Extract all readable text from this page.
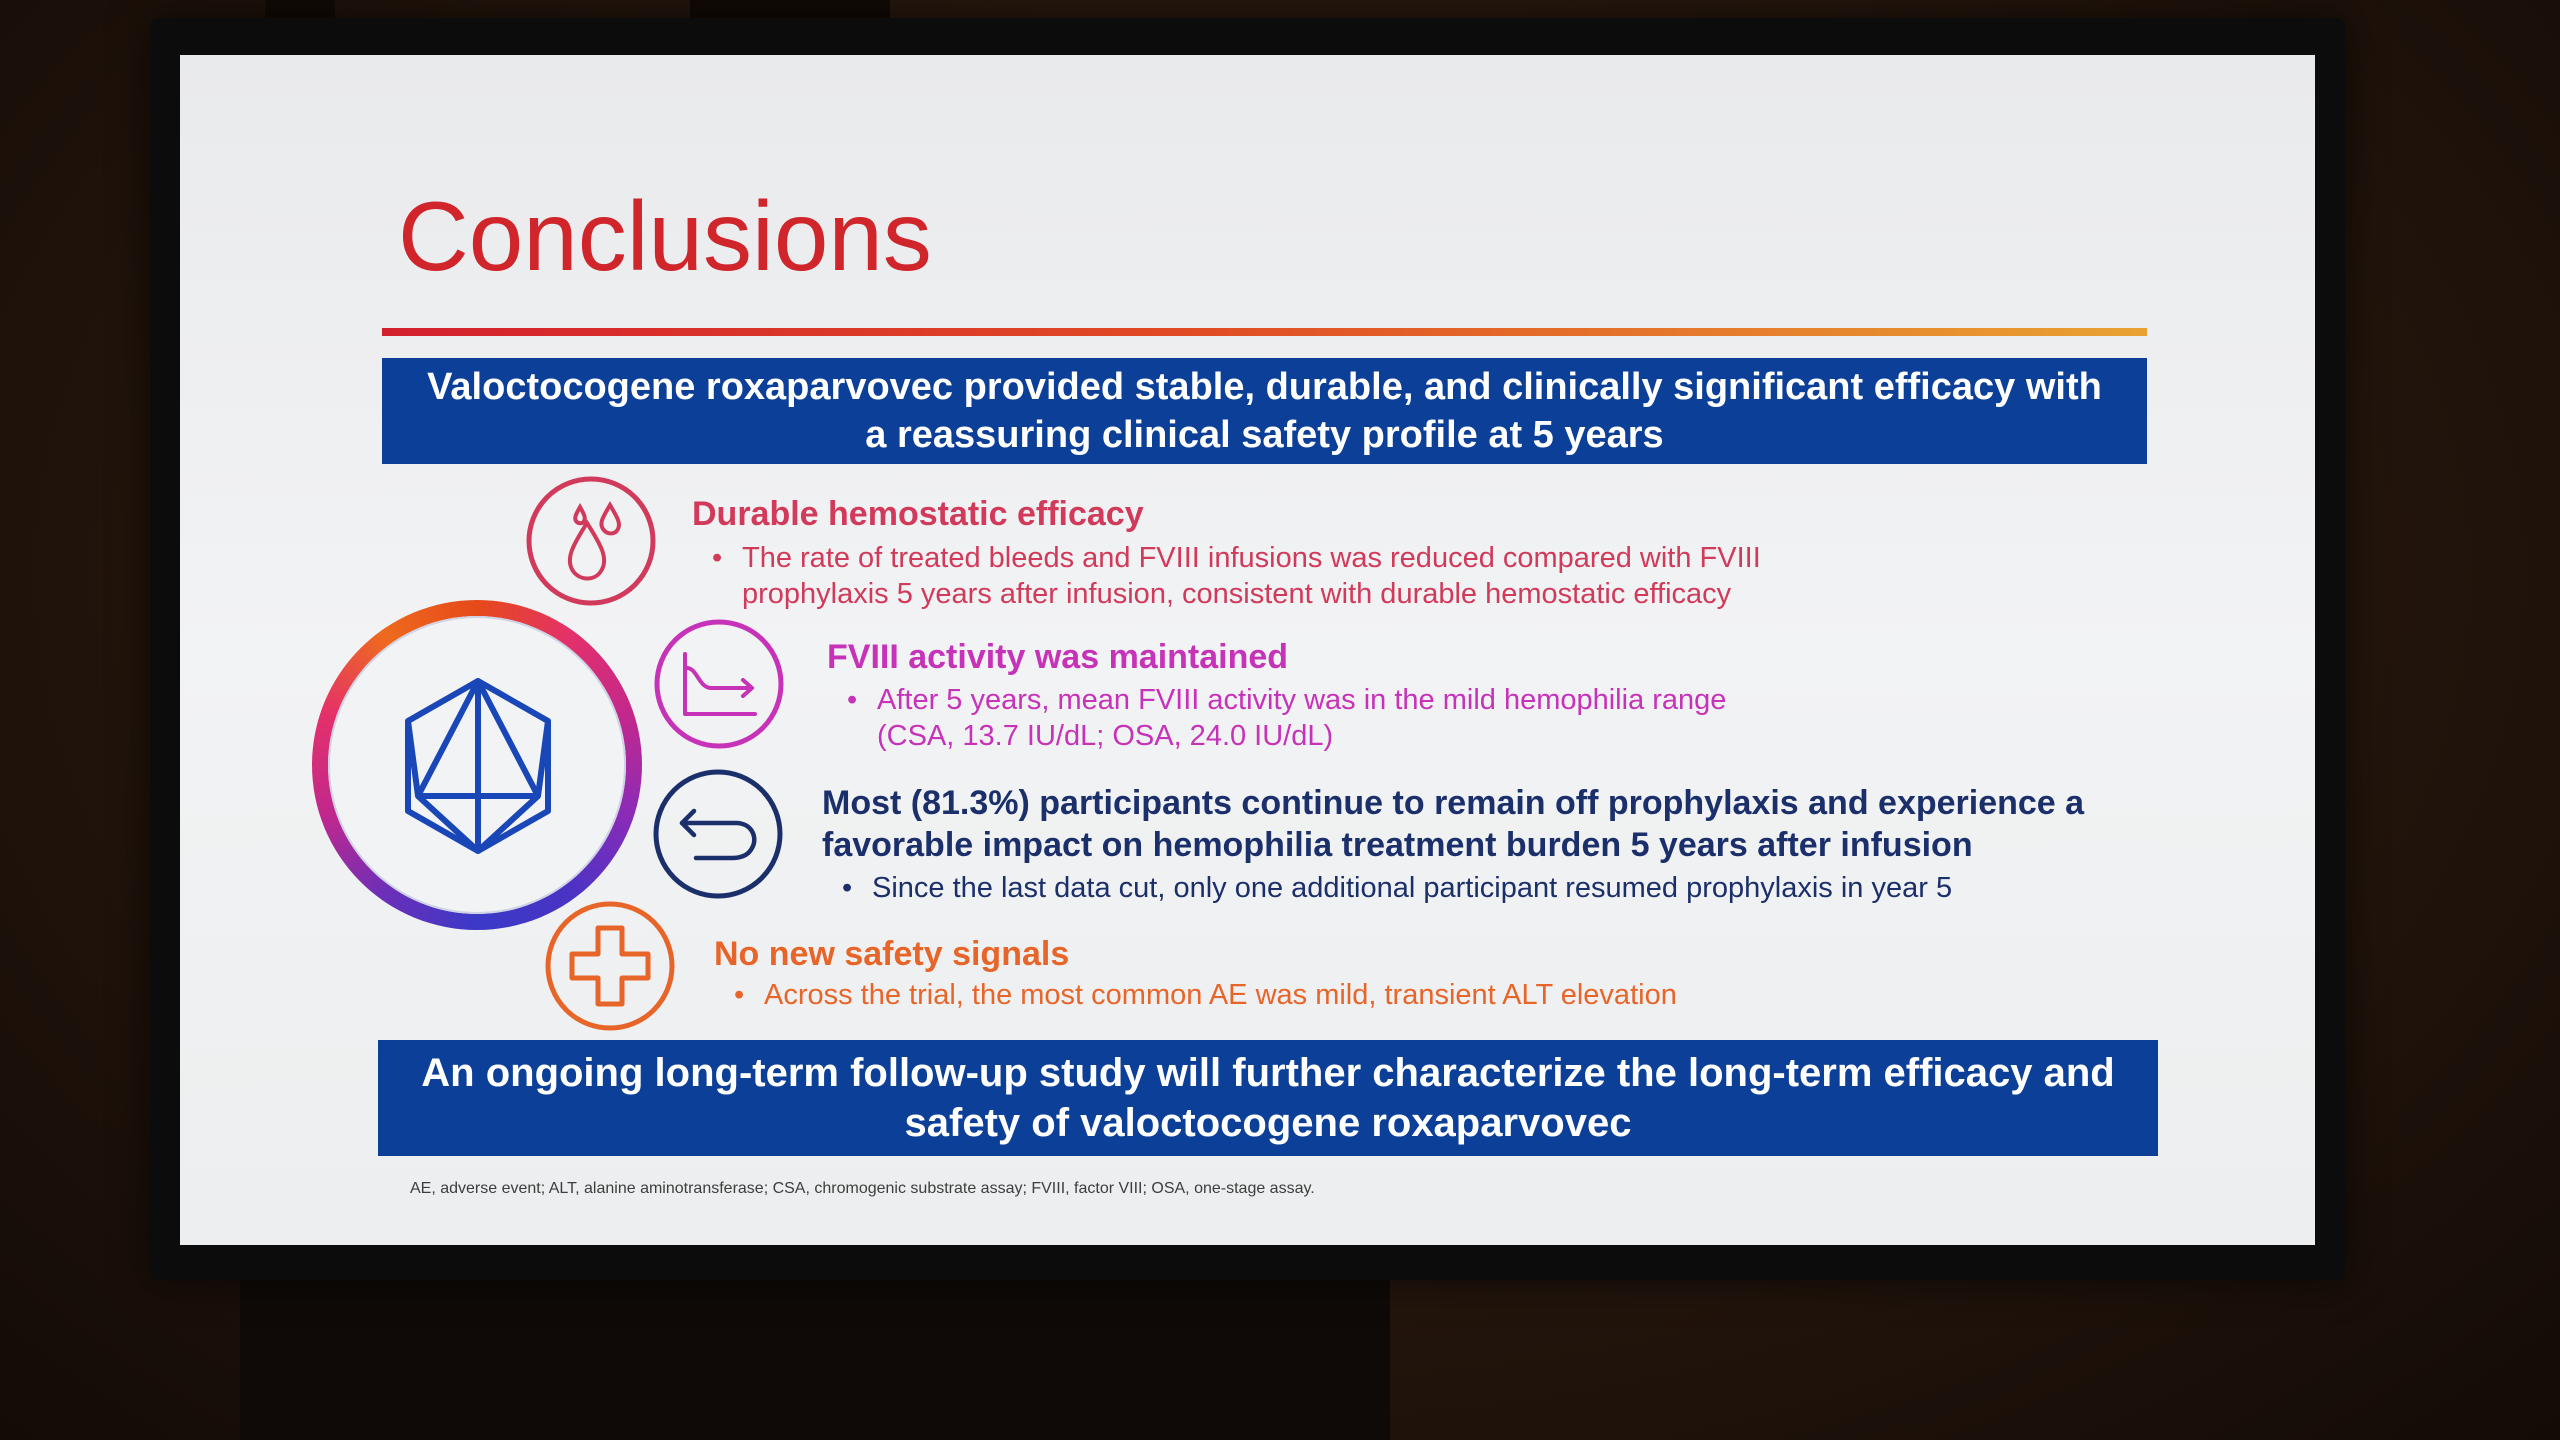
Conclusions
Valoctocogene roxaparvovec provided stable, durable, and clinically significant efficacy with a reassuring clinical safety profile at 5 years

Durable hemostatic efficacy

• The rate of treated bleeds and FVIII infusions was reduced compared with FVIII
prophylaxis 5 years after infusion, consistent with durable hemostatic efficacy

FVIII activity was maintained

• After 5 years, mean FVIII activity was in the mild hemophilia range
(CSA, 13.7 IU/dL; OSA, 24.0 IU/dL)

Most (81.3%) participants continue to remain off prophylaxis and experience a
favorable impact on hemophilia treatment burden 5 years after infusion

• Since the last data cut, only one additional participant resumed prophylaxis in year 5

No new safety signals

• Across the trial, the most common AE was mild, transient ALT elevation

An ongoing long-term follow-up study will further characterize the long-term efficacy and safety of valoctocogene roxaparvovec

AE, adverse event; ALT, alanine aminotransferase; CSA, chromogenic substrate assay; FVIII, factor VIII; OSA, one-stage assay.
